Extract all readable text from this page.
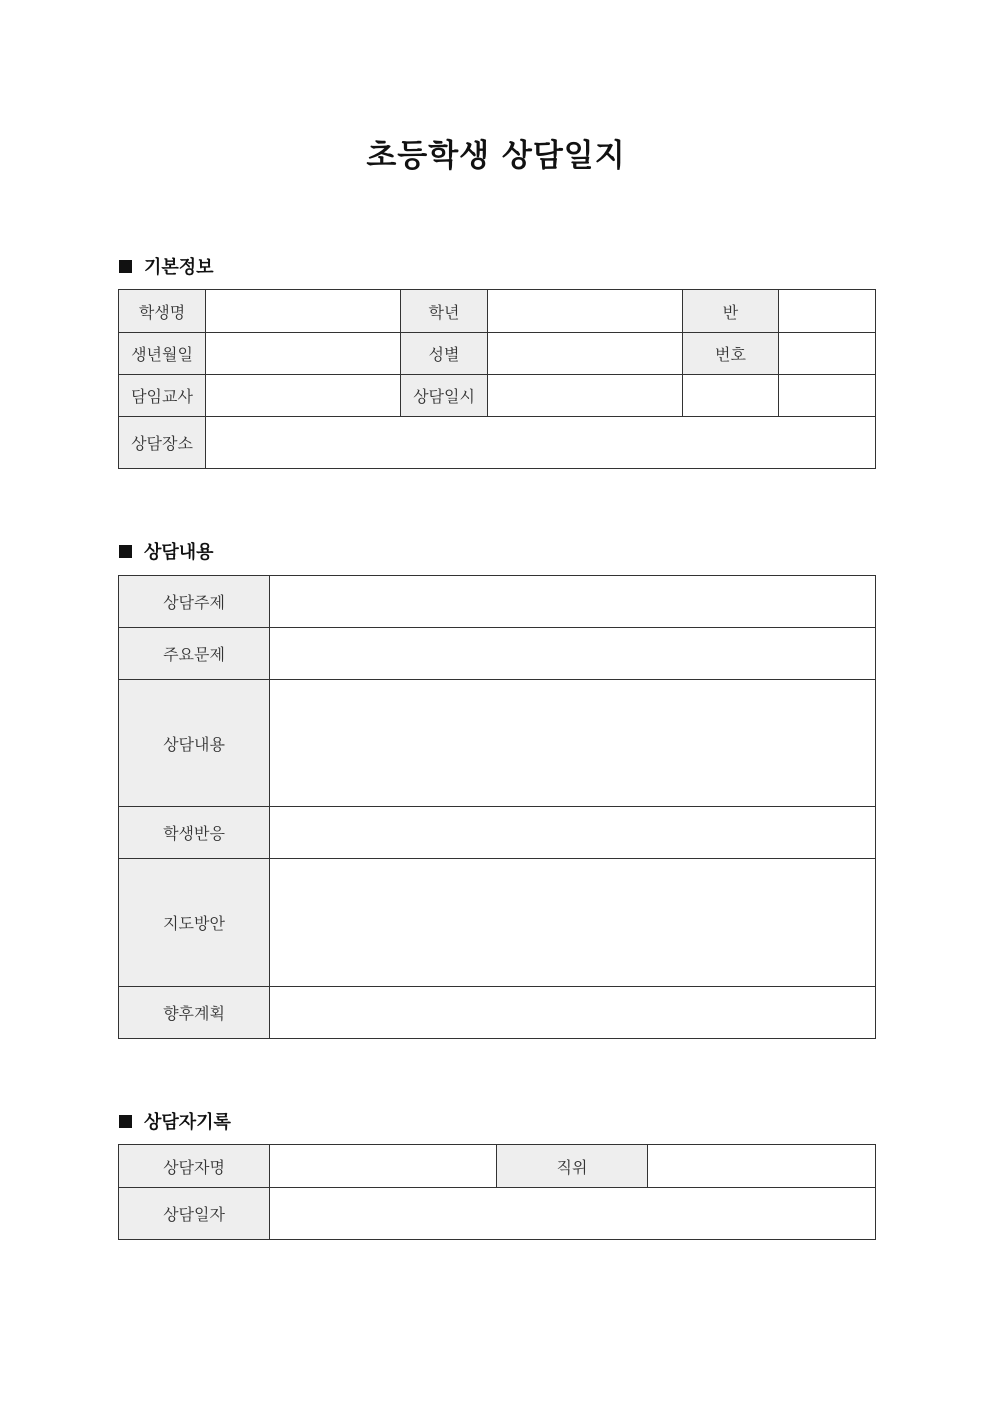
초등학생 상담일지
기본정보
학생명		학년		반	
생년월일		성별		번호	
담임교사		상담일시			
상담장소					
상담내용
상담주제	
주요문제	
상담내용	
학생반응	
지도방안	
향후계획	
상담자기록
상담자명		직위	
상담일자			
